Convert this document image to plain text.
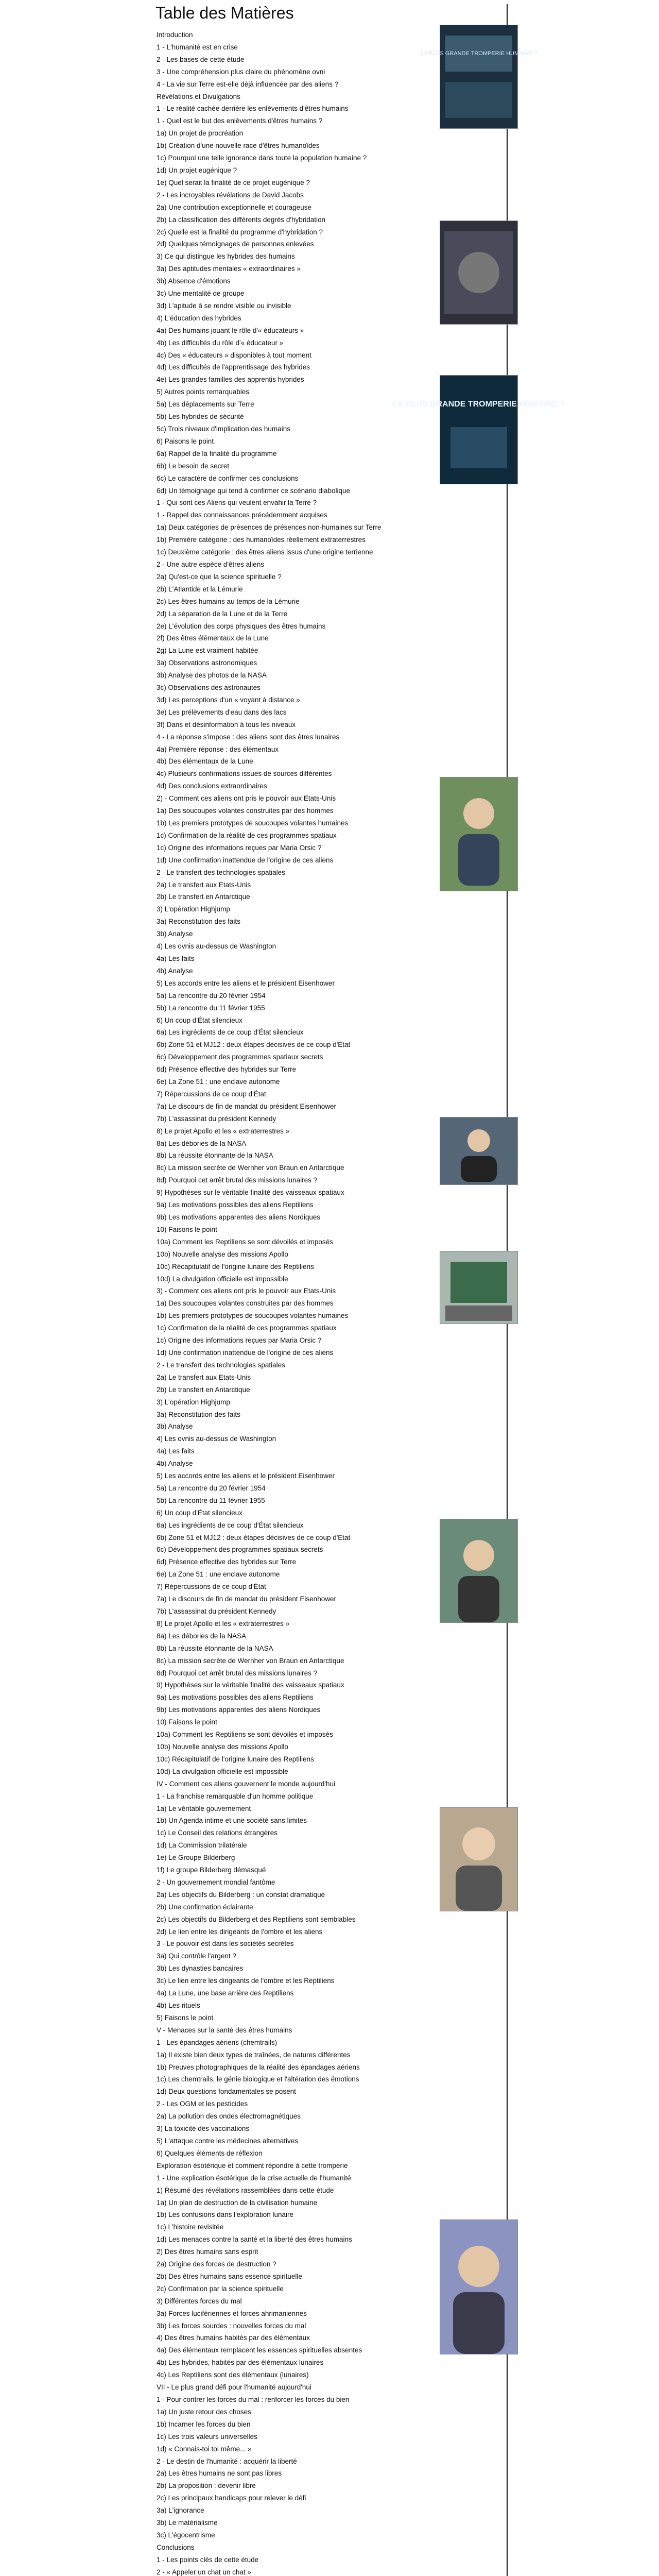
Table des Matières
Introduction
1 - L'humanité est en crise
2 - Les bases de cette étude
3 - Une compréhension plus claire du phénomène ovni
4 - La vie sur Terre est-elle déjà influencée par des aliens ?
Révélations et Divulgations
1 - Le réalité cachée derrière les enlèvements d'êtres humains
1 - Quel est le but des enlèvements d'êtres humains ?
1a) Un projet de procréation
1b) Création d'une nouvelle race d'êtres humanoïdes
1c) Pourquoi une telle ignorance dans toute la population humaine ?
1d) Un projet eugénique ?
1e) Quel serait la finalité de ce projet eugénique ?
2 - Les incroyables révélations de David Jacobs
2a) Une contribution exceptionnelle et courageuse
2b) La classification des différents degrés d'hybridation
2c) Quelle est la finalité du programme d'hybridation ?
2d) Quelques témoignages de personnes enlevées
3) Ce qui distingue les hybrides des humains
3a) Des aptitudes mentales « extraordinaires »
3b) Absence d'émotions
3c) Une mentalité de groupe
3d) L'apitude à se rendre visible ou invisible
4) L'éducation des hybrides
4a) Des humains jouant le rôle d'« éducateurs »
4b) Les difficultés du rôle d'« éducateur »
4c) Des « éducateurs » disponibles à tout moment
4d) Les difficultés de l'apprentissage des hybrides
4e) Les grandes familles des apprentis hybrides
5) Autres points remarquables
5a) Les déplacements sur Terre
5b) Les hybrides de sécurité
5c) Trois niveaux d'implication des humains
6) Paisons le point
6a) Rappel de la finalité du programme
6b) Le besoin de secret
6c) Le caractère de confirmer ces conclusions
6d) Un témoignage qui tend à confirmer ce scénario diabolique
1 - Qui sont ces Aliens qui veulent envahir la Terre ?
1 - Rappel des connaissances précédemment acquises
1a) Deux catégories de présences de présences non-humaines sur Terre
1b) Première catégorie : des humanoïdes réellement extraterrestres
1c) Deuxième catégorie : des êtres aliens issus d'une origine terrienne
2 - Une autre espèce d'êtres aliens
2a) Qu'est-ce que la science spirituelle ?
2b) L'Atlantide et la Lémurie
2c) Les êtres humains au temps de la Lémurie
2d) La séparation de la Lune et de la Terre
2e) L'évolution des corps physiques des êtres humains
2f) Des êtres élémentaux de la Lune
2g) La Lune est vraiment habitée
3a) Observations astronomiques
3b) Analyse des photos de la NASA
3c) Observations des astronautes
3d) Les perceptions d'un « voyant à distance »
3e) Les prélèvements d'eau dans des lacs
3f) Dans et désinformation à tous les niveaux
4 - La réponse s'impose : des aliens sont des êtres lunaires
4a) Première réponse : des élémentaux
4b) Des élémentaux de la Lune
4c) Plusieurs confirmations issues de sources différentes
4d) Des conclusions extraordinaires
2) - Comment ces aliens ont pris le pouvoir aux Etats-Unis
1a) Des soucoupes volantes construites par des hommes
1b) Les premiers prototypes de soucoupes volantes humaines
1c) Confirmation de la réalité de ces programmes spatiaux
1c) Origine des informations reçues par Maria Orsic ?
1d) Une confirmation inattendue de l'origine de ces aliens
2 - Le transfert des technologies spatiales
2a) Le transfert aux Etats-Unis
2b) Le transfert en Antarctique
3) L'opération Highjump
3a) Reconstitution des faits
3b) Analyse
4) Les ovnis au-dessus de Washington
4a) Les faits
4b) Analyse
5) Les accords entre les aliens et le président Eisenhower
5a) La rencontre du 20 février 1954
5b) La rencontre du 11 février 1955
6) Un coup d'État silencieux
6a) Les ingrédients de ce coup d'État silencieux
6b) Zone 51 et MJ12 : deux étapes décisives de ce coup d'État
6c) Développement des programmes spatiaux secrets
6d) Présence effective des hybrides sur Terre
6e) La Zone 51 : une enclave autonome
7) Répercussions de ce coup d'État
7a) Le discours de fin de mandat du président Eisenhower
7b) L'assassinat du président Kennedy
8) Le projet Apollo et les « extraterrestres »
8a) Les débories de la NASA
8b) La réussite étonnante de la NASA
8c) La mission secrète de Wernher von Braun en Antarctique
8d) Pourquoi cet arrêt brutal des missions lunaires ?
9) Hypothèses sur le véritable finalité des vaisseaux spatiaux
9a) Les motivations possibles des aliens Reptiliens
9b) Les motivations apparentes des aliens Nordiques
10) Faisons le point
10a) Comment les Reptiliens se sont dévoilés et imposés
10b) Nouvelle analyse des missions Apollo
10c) Récapitulatif de l'origine lunaire des Reptiliens
10d) La divulgation officielle est impossible
3) - Comment ces aliens ont pris le pouvoir aux Etats-Unis
1a) Des soucoupes volantes construites par des hommes
1b) Les premiers prototypes de soucoupes volantes humaines
1c) Confirmation de la réalité de ces programmes spatiaux
1c) Origine des informations reçues par Maria Orsic ?
1d) Une confirmation inattendue de l'origine de ces aliens
2 - Le transfert des technologies spatiales
2a) Le transfert aux Etats-Unis
2b) Le transfert en Antarctique
3) L'opération Highjump
3a) Reconstitution des faits
3b) Analyse
4) Les ovnis au-dessus de Washington
4a) Les faits
4b) Analyse
5) Les accords entre les aliens et le président Eisenhower
5a) La rencontre du 20 février 1954
5b) La rencontre du 11 février 1955
6) Un coup d'État silencieux
6a) Les ingrédients de ce coup d'État silencieux
6b) Zone 51 et MJ12 : deux étapes décisives de ce coup d'État
6c) Développement des programmes spatiaux secrets
6d) Présence effective des hybrides sur Terre
6e) La Zone 51 : une enclave autonome
7) Répercussions de ce coup d'État
7a) Le discours de fin de mandat du président Eisenhower
7b) L'assassinat du président Kennedy
8) Le projet Apollo et les « extraterrestres »
8a) Les débories de la NASA
8b) La réussite étonnante de la NASA
8c) La mission secrète de Wernher von Braun en Antarctique
8d) Pourquoi cet arrêt brutal des missions lunaires ?
9) Hypothèses sur le véritable finalité des vaisseaux spatiaux
9a) Les motivations possibles des aliens Reptiliens
9b) Les motivations apparentes des aliens Nordiques
10) Faisons le point
10a) Comment les Reptiliens se sont dévoilés et imposés
10b) Nouvelle analyse des missions Apollo
10c) Récapitulatif de l'origine lunaire des Reptiliens
10d) La divulgation officielle est impossible
IV - Comment ces aliens gouvernent le monde aujourd'hui
1 - La franchise remarquable d'un homme politique
1a) Le véritable gouvernement
1b) Un Agenda intime et une société sans limites
1c) Le Conseil des relations étrangères
1d) La Commission trilatérale
1e) Le Groupe Bilderberg
1f) Le groupe Bilderberg démasqué
2 - Un gouvernement mondial fantôme
2a) Les objectifs du Bilderberg : un constat dramatique
2b) Une confirmation éclairante
2c) Les objectifs du Bilderberg et des Reptiliens sont semblables
2d) Le lien entre les dirigeants de l'ombre et les aliens
3 - Le pouvoir est dans les sociétés secrètes
3a) Qui contrôle l'argent ?
3b) Les dynasties bancaires
3c) Le lien entre les dirigeants de l'ombre et les Reptiliens
4a) La Lune, une base arrière des Reptiliens
4b) Les rituels
5) Faisons le point
V - Menaces sur la santé des êtres humains
1 - Les épandages aériens (chemtrails)
1a) Il existe bien deux types de traînées, de natures différentes
1b) Preuves photographiques de la réalité des épandages aériens
1c) Les chemtrails, le génie biologique et l'altération des émotions
1d) Deux questions fondamentales se posent
2 - Les OGM et les pesticides
2a) La pollution des ondes électromagnétiques
3) La toxicité des vaccinations
5) L'attaque contre les médecines alternatives
6) Quelques éléments de réflexion
Exploration ésotérique et comment répondre à cette tromperie
1 - Une explication ésotérique de la crise actuelle de l'humanité
1) Résumé des révélations rassemblées dans cette étude
1a) Un plan de destruction de la civilisation humaine
1b) Les confusions dans l'exploration lunaire
1c) L'histoire revisitée
1d) Les menaces contre la santé et la liberté des êtres humains
2) Des êtres humains sans esprit
2a) Origine des forces de destruction ?
2b) Des êtres humains sans essence spirituelle
2c) Confirmation par la science spirituelle
3) Différentes forces du mal
3a) Forces lucifériennes et forces ahrimaniennes
3b) Les forces sourdes : nouvelles forces du mal
4) Des êtres humains habités par des élémentaux
4a) Des élémentaux remplacent les essences spirituelles absentes
4b) Les hybrides, habités par des élémentaux lunaires
4c) Les Reptiliens sont des élémentaux (lunaires)
VII - Le plus grand défi pour l'humanité aujourd'hui
1 - Pour contrer les forces du mal : renforcer les forces du bien
1a) Un juste retour des choses
1b) Incarner les forces du bien
1c) Les trois valeurs universelles
1d) « Connais-toi toi même... »
2 - Le destin de l'humanité : acquérir la liberté
2a) Les êtres humains ne sont pas libres
2b) La proposition : devenir libre
2c) Les principaux handicaps pour relever le défi
3a) L'ignorance
3b) Le matérialisme
3c) L'égocentrisme
Conclusions
1 - Les points clés de cette étude
2 - « Appeler un chat un chat »
LA PLUS GRANDE TROMPERIE HUMAINE ?
LA PLUS GRANDE TROMPERIE HUMAINE ?
